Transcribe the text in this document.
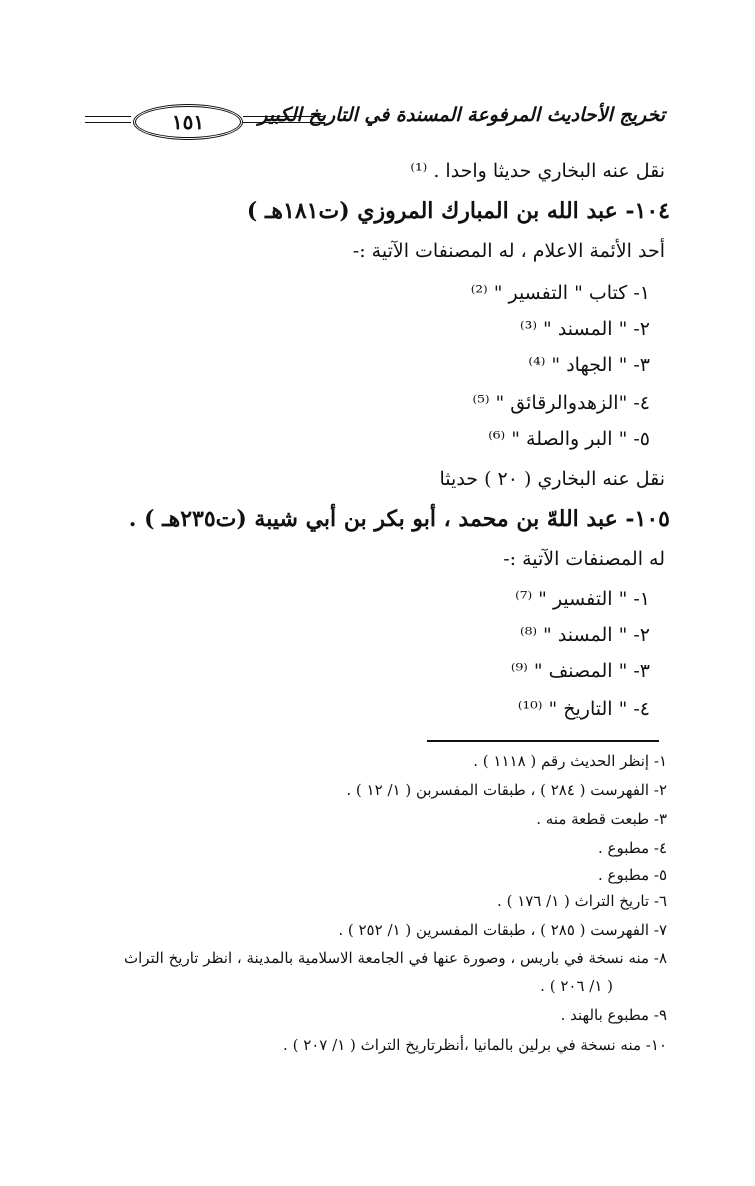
١٥١	تخريج الأحاديث المرفوعة المسندة في التاريخ الكبير
نقل عنه البخاري حديثا واحدا . ⁽¹⁾
١٠٤- عبد الله بن المبارك المروزي (ت١٨١هـ )
أحد الأئمة الاعلام ، له المصنفات الآتية :-
١- كتاب " التفسير " ⁽²⁾
٢- " المسند " ⁽³⁾
٣- " الجهاد " ⁽⁴⁾
٤- "الزهدوالرقائق " ⁽⁵⁾
٥- " البر والصلة " ⁽⁶⁾
نقل عنه البخاري ( ٢٠ ) حديثا
١٠٥- عبد اللهّ بن محمد ، أبو بكر بن أبي شيبة (ت٢٣٥هـ ) .
له المصنفات الآتية :-
١- " التفسير " ⁽⁷⁾
٢- " المسند " ⁽⁸⁾
٣- " المصنف " ⁽⁹⁾
٤- " التاريخ " ⁽¹⁰⁾
١- إنظر الحديث رقم ( ١١١٨ ) .
٢- الفهرست ( ٢٨٤ ) ، طبقات المفسربن ( ١/ ١٢ ) .
٣- طبعت قطعة منه .
٤- مطبوع .
٥- مطبوع .
٦- تاريخ التراث ( ١/ ١٧٦ ) .
٧- الفهرست ( ٢٨٥ ) ، طبقات المفسرين ( ١/ ٢٥٢ ) .
٨- منه نسخة في باريس ، وصورة عنها في الجامعة الاسلامية بالمدينة ، انظر تاريخ التراث
( ١/ ٢٠٦ ) .
٩- مطبوع بالهند .
١٠- منه نسخة في برلين بالمانيا ،أنظرتاريخ التراث ( ١/ ٢٠٧ ) .
